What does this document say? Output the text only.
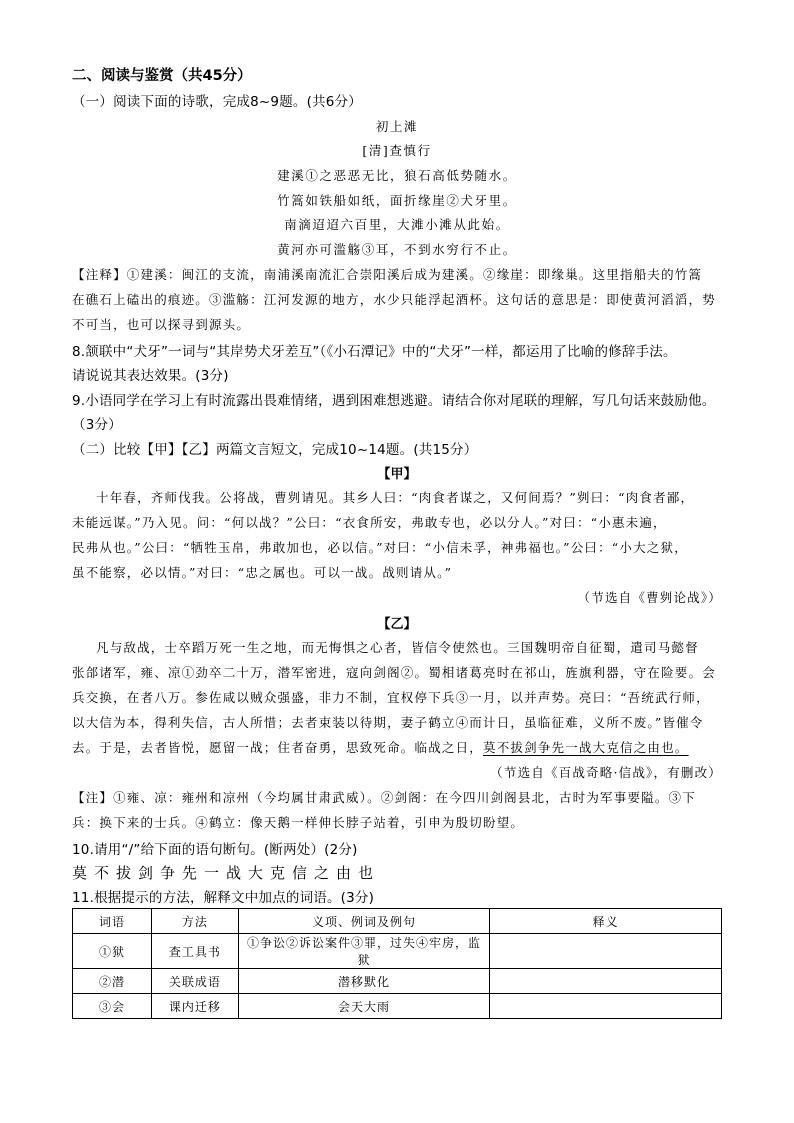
二、阅读与鉴赏（共45分）
（一）阅读下面的诗歌，完成8~9题。(共6分）
初上滩
[清]查慎行
建溪①之恶恶无比，狼石高低势随水。
竹篙如铁船如纸，面折缘崖②犬牙里。
南滴迢迢六百里，大滩小滩从此始。
黄河亦可滥觞③耳，不到水穷行不止。
【注释】①建溪：闽江的支流，南浦溪南流汇合崇阳溪后成为建溪。②缘崖：即缘巢。这里指船夫的竹篙
在礁石上磕出的痕迹。③滥觞：江河发源的地方，水少只能浮起酒杯。这句话的意思是：即使黄河滔滔，势
不可当，也可以探寻到源头。
8.颔联中“犬牙”一词与“其岸势犬牙差互”（《小石潭记》中的“犬牙”一样，都运用了比喻的修辞手法。
请说说其表达效果。(3分)
9.小语同学在学习上有时流露出畏难情绪，遇到困难想逃避。请结合你对尾联的理解，写几句话来鼓励他。
（3分）
（二）比较【甲】【乙】两篇文言短文，完成10~14题。(共15分）
【甲】
十年春，齐师伐我。公将战，曹刿请见。其乡人曰：“肉食者谋之，又何间焉？”刿曰：“肉食者鄙，
未能远谋。”乃入见。问：“何以战？”公曰：“衣食所安，弗敢专也，必以分人。”对曰：“小惠未遍，
民弗从也。”公曰：“牺牲玉帛，弗敢加也，必以信。”对曰：“小信未孚，神弗福也。”公曰：“小大之狱，
虽不能察，必以情。”对曰：“忠之属也。可以一战。战则请从。”
（节选自《曹刿论战》）
【乙】
凡与敌战，士卒蹈万死一生之地，而无悔惧之心者，皆信令使然也。三国魏明帝自征蜀，遣司马懿督
张郃诸军，雍、凉①劲卒二十万，潜军密进，寇向剑阁②。蜀相诸葛亮时在祁山，旌旗利器，守在险要。会
兵交换，在者八万。参佐咸以贼众强盛，非力不制，宜权停下兵③一月，以并声势。亮曰：“吾统武行师，
以大信为本，得利失信，古人所惜；去者束装以待期，妻子鹤立④而计日，虽临征难，义所不废。”皆催令
去。于是，去者皆悦，愿留一战；住者奋勇，思致死命。临战之日，莫不拔剑争先一战大克信之由也。
（节选自《百战奇略·信战》，有删改）
【注】①雍、凉：雍州和凉州（今均属甘肃武威）。②剑阁：在今四川剑阁县北，古时为军事要隘。③下
兵：换下来的士兵。④鹤立：像天鹅一样伸长脖子站着，引申为殷切盼望。
10.请用“/”给下面的语句断句。(断两处）(2分)
莫不拔剑争先一战大克信之由也
11.根据提示的方法，解释文中加点的词语。(3分)
词语	方法	义项、例词及例句	释义
①狱	查工具书	①争讼②诉讼案件③罪，过失④牢房，监狱	
②潜	关联成语	潜移默化	
③会	课内迁移	会天大雨	
